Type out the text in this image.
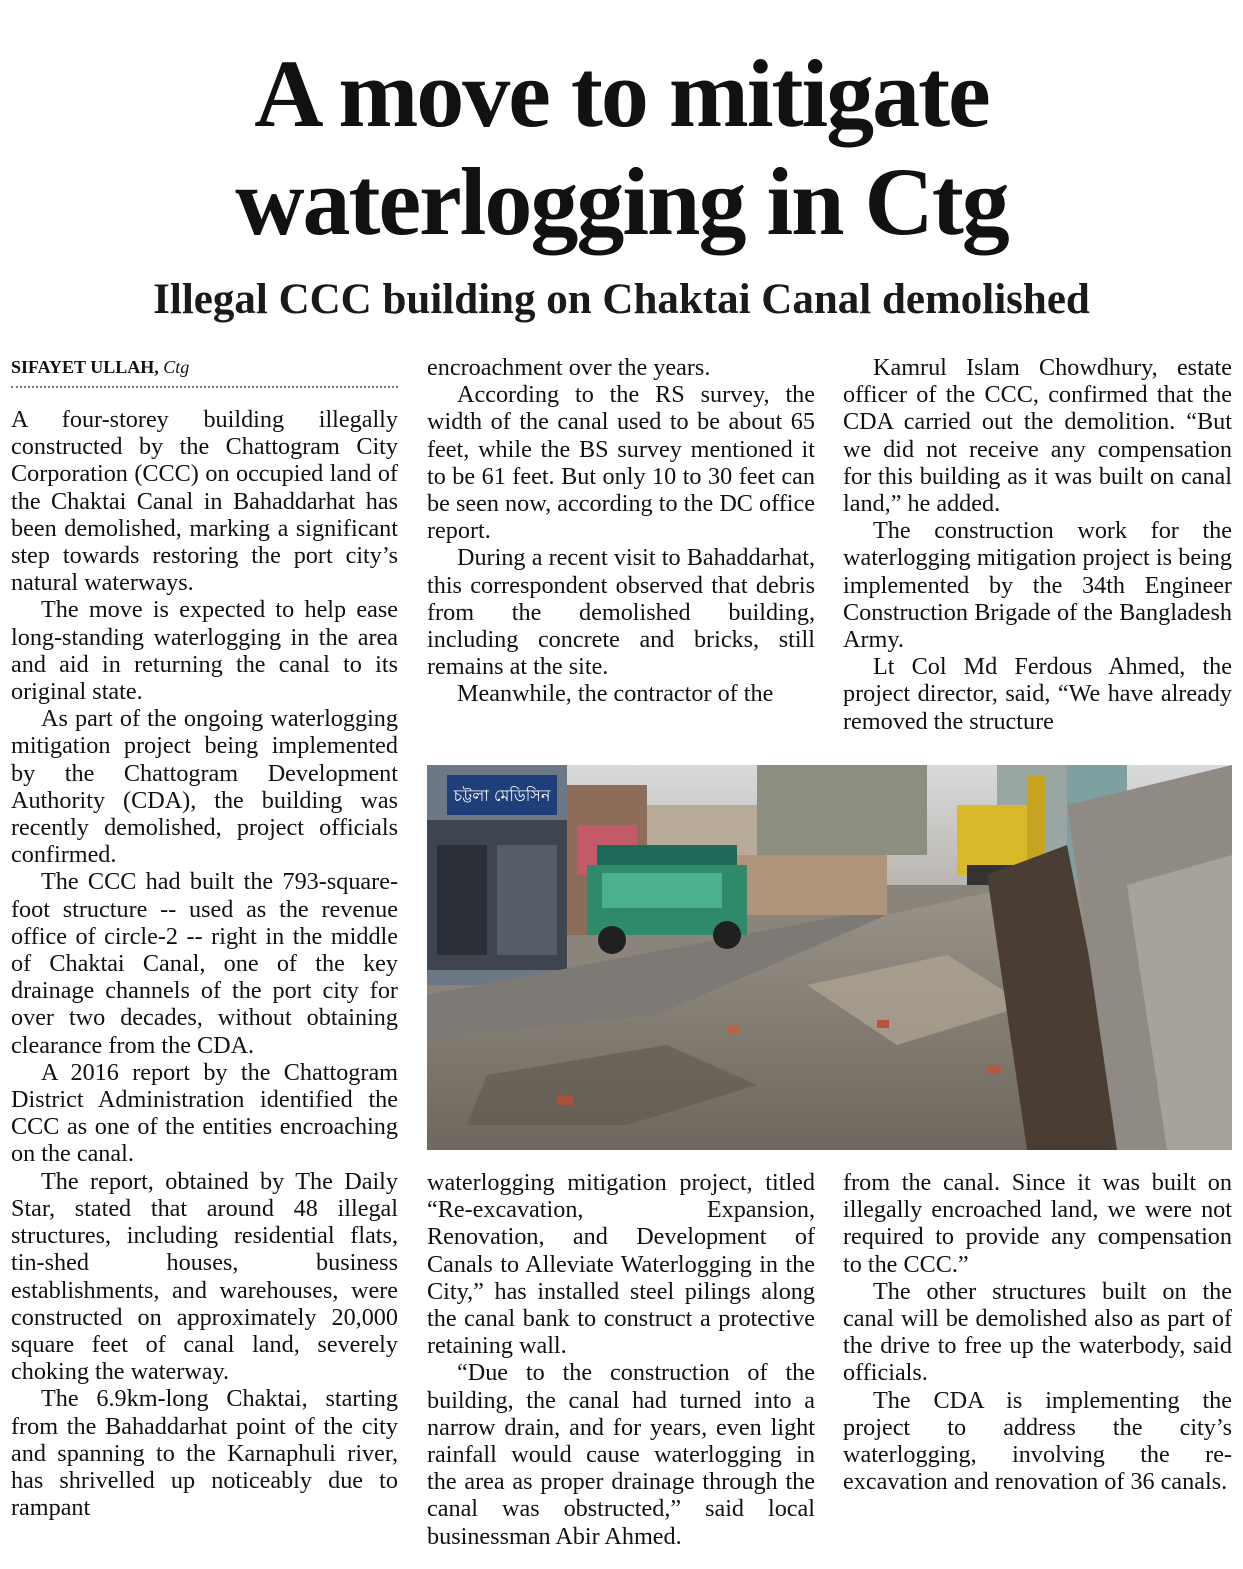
A move to mitigate
waterlogging in Ctg
Illegal CCC building on Chaktai Canal demolished
SIFAYET ULLAH, Ctg

A four-storey building illegally constructed by the Chattogram City Corporation (CCC) on occupied land of the Chaktai Canal in Bahaddarhat has been demolished, marking a significant step towards restoring the port city’s natural waterways.

The move is expected to help ease long-standing waterlogging in the area and aid in returning the canal to its original state.

As part of the ongoing waterlogging mitigation project being implemented by the Chattogram Development Authority (CDA), the building was recently demolished, project officials confirmed.

The CCC had built the 793-square-foot structure -- used as the revenue office of circle-2 -- right in the middle of Chaktai Canal, one of the key drainage channels of the port city for over two decades, without obtaining clearance from the CDA.

A 2016 report by the Chattogram District Administration identified the CCC as one of the entities encroaching on the canal.

The report, obtained by The Daily Star, stated that around 48 illegal structures, including residential flats, tin-shed houses, business establishments, and warehouses, were constructed on approximately 20,000 square feet of canal land, severely choking the waterway.

The 6.9km-long Chaktai, starting from the Bahaddarhat point of the city and spanning to the Karnaphuli river, has shrivelled up noticeably due to rampant

encroachment over the years.

According to the RS survey, the width of the canal used to be about 65 feet, while the BS survey mentioned it to be 61 feet. But only 10 to 30 feet can be seen now, according to the DC office report.

During a recent visit to Bahaddarhat, this correspondent observed that debris from the demolished building, including concrete and bricks, still remains at the site.

Meanwhile, the contractor of the

Kamrul Islam Chowdhury, estate officer of the CCC, confirmed that the CDA carried out the demolition. “But we did not receive any compensation for this building as it was built on canal land,” he added.

The construction work for the waterlogging mitigation project is being implemented by the 34th Engineer Construction Brigade of the Bangladesh Army.

Lt Col Md Ferdous Ahmed, the project director, said, “We have already removed the structure

চট্টলা মেডিসিন

waterlogging mitigation project, titled “Re-excavation, Expansion, Renovation, and Development of Canals to Alleviate Waterlogging in the City,” has installed steel pilings along the canal bank to construct a protective retaining wall.

“Due to the construction of the building, the canal had turned into a narrow drain, and for years, even light rainfall would cause waterlogging in the area as proper drainage through the canal was obstructed,” said local businessman Abir Ahmed.

from the canal. Since it was built on illegally encroached land, we were not required to provide any compensation to the CCC.”

The other structures built on the canal will be demolished also as part of the drive to free up the waterbody, said officials.

The CDA is implementing the project to address the city’s waterlogging, involving the re-excavation and renovation of 36 canals.
